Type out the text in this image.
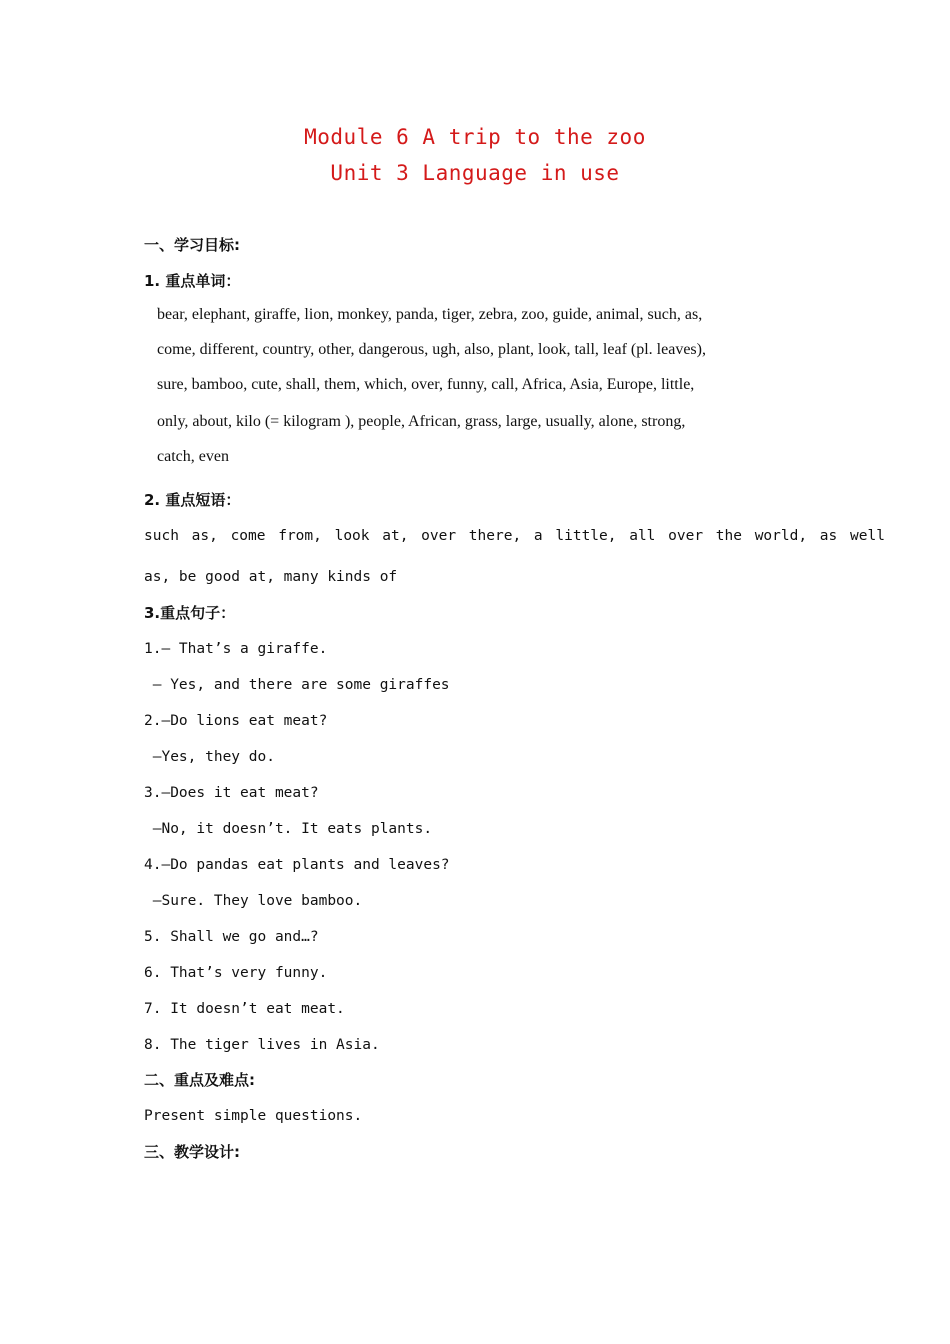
Module 6 A trip to the zoo
Unit 3 Language in use
一、学习目标:
1. 重点单词：
bear, elephant, giraffe, lion, monkey, panda, tiger, zebra, zoo, guide, animal, such, as,
come, different, country, other, dangerous, ugh, also, plant, look, tall, leaf (pl. leaves),
sure, bamboo, cute, shall, them, which, over, funny, call, Africa, Asia, Europe, little,
only, about, kilo (= kilogram ), people, African, grass, large, usually, alone, strong,
catch, even
2. 重点短语：
such as, come from, look at, over there, a little, all over the world, as well
as, be good at, many kinds of
3.重点句子：
1.— That’s a giraffe.
— Yes, and there are some giraffes
2.—Do lions eat meat?
—Yes, they do.
3.—Does it eat meat?
—No, it doesn’t. It eats plants.
4.—Do pandas eat plants and leaves?
—Sure. They love bamboo.
5. Shall we go and…?
6. That’s very funny.
7. It doesn’t eat meat.
8. The tiger lives in Asia.
二、重点及难点:
Present simple questions.
三、教学设计:
